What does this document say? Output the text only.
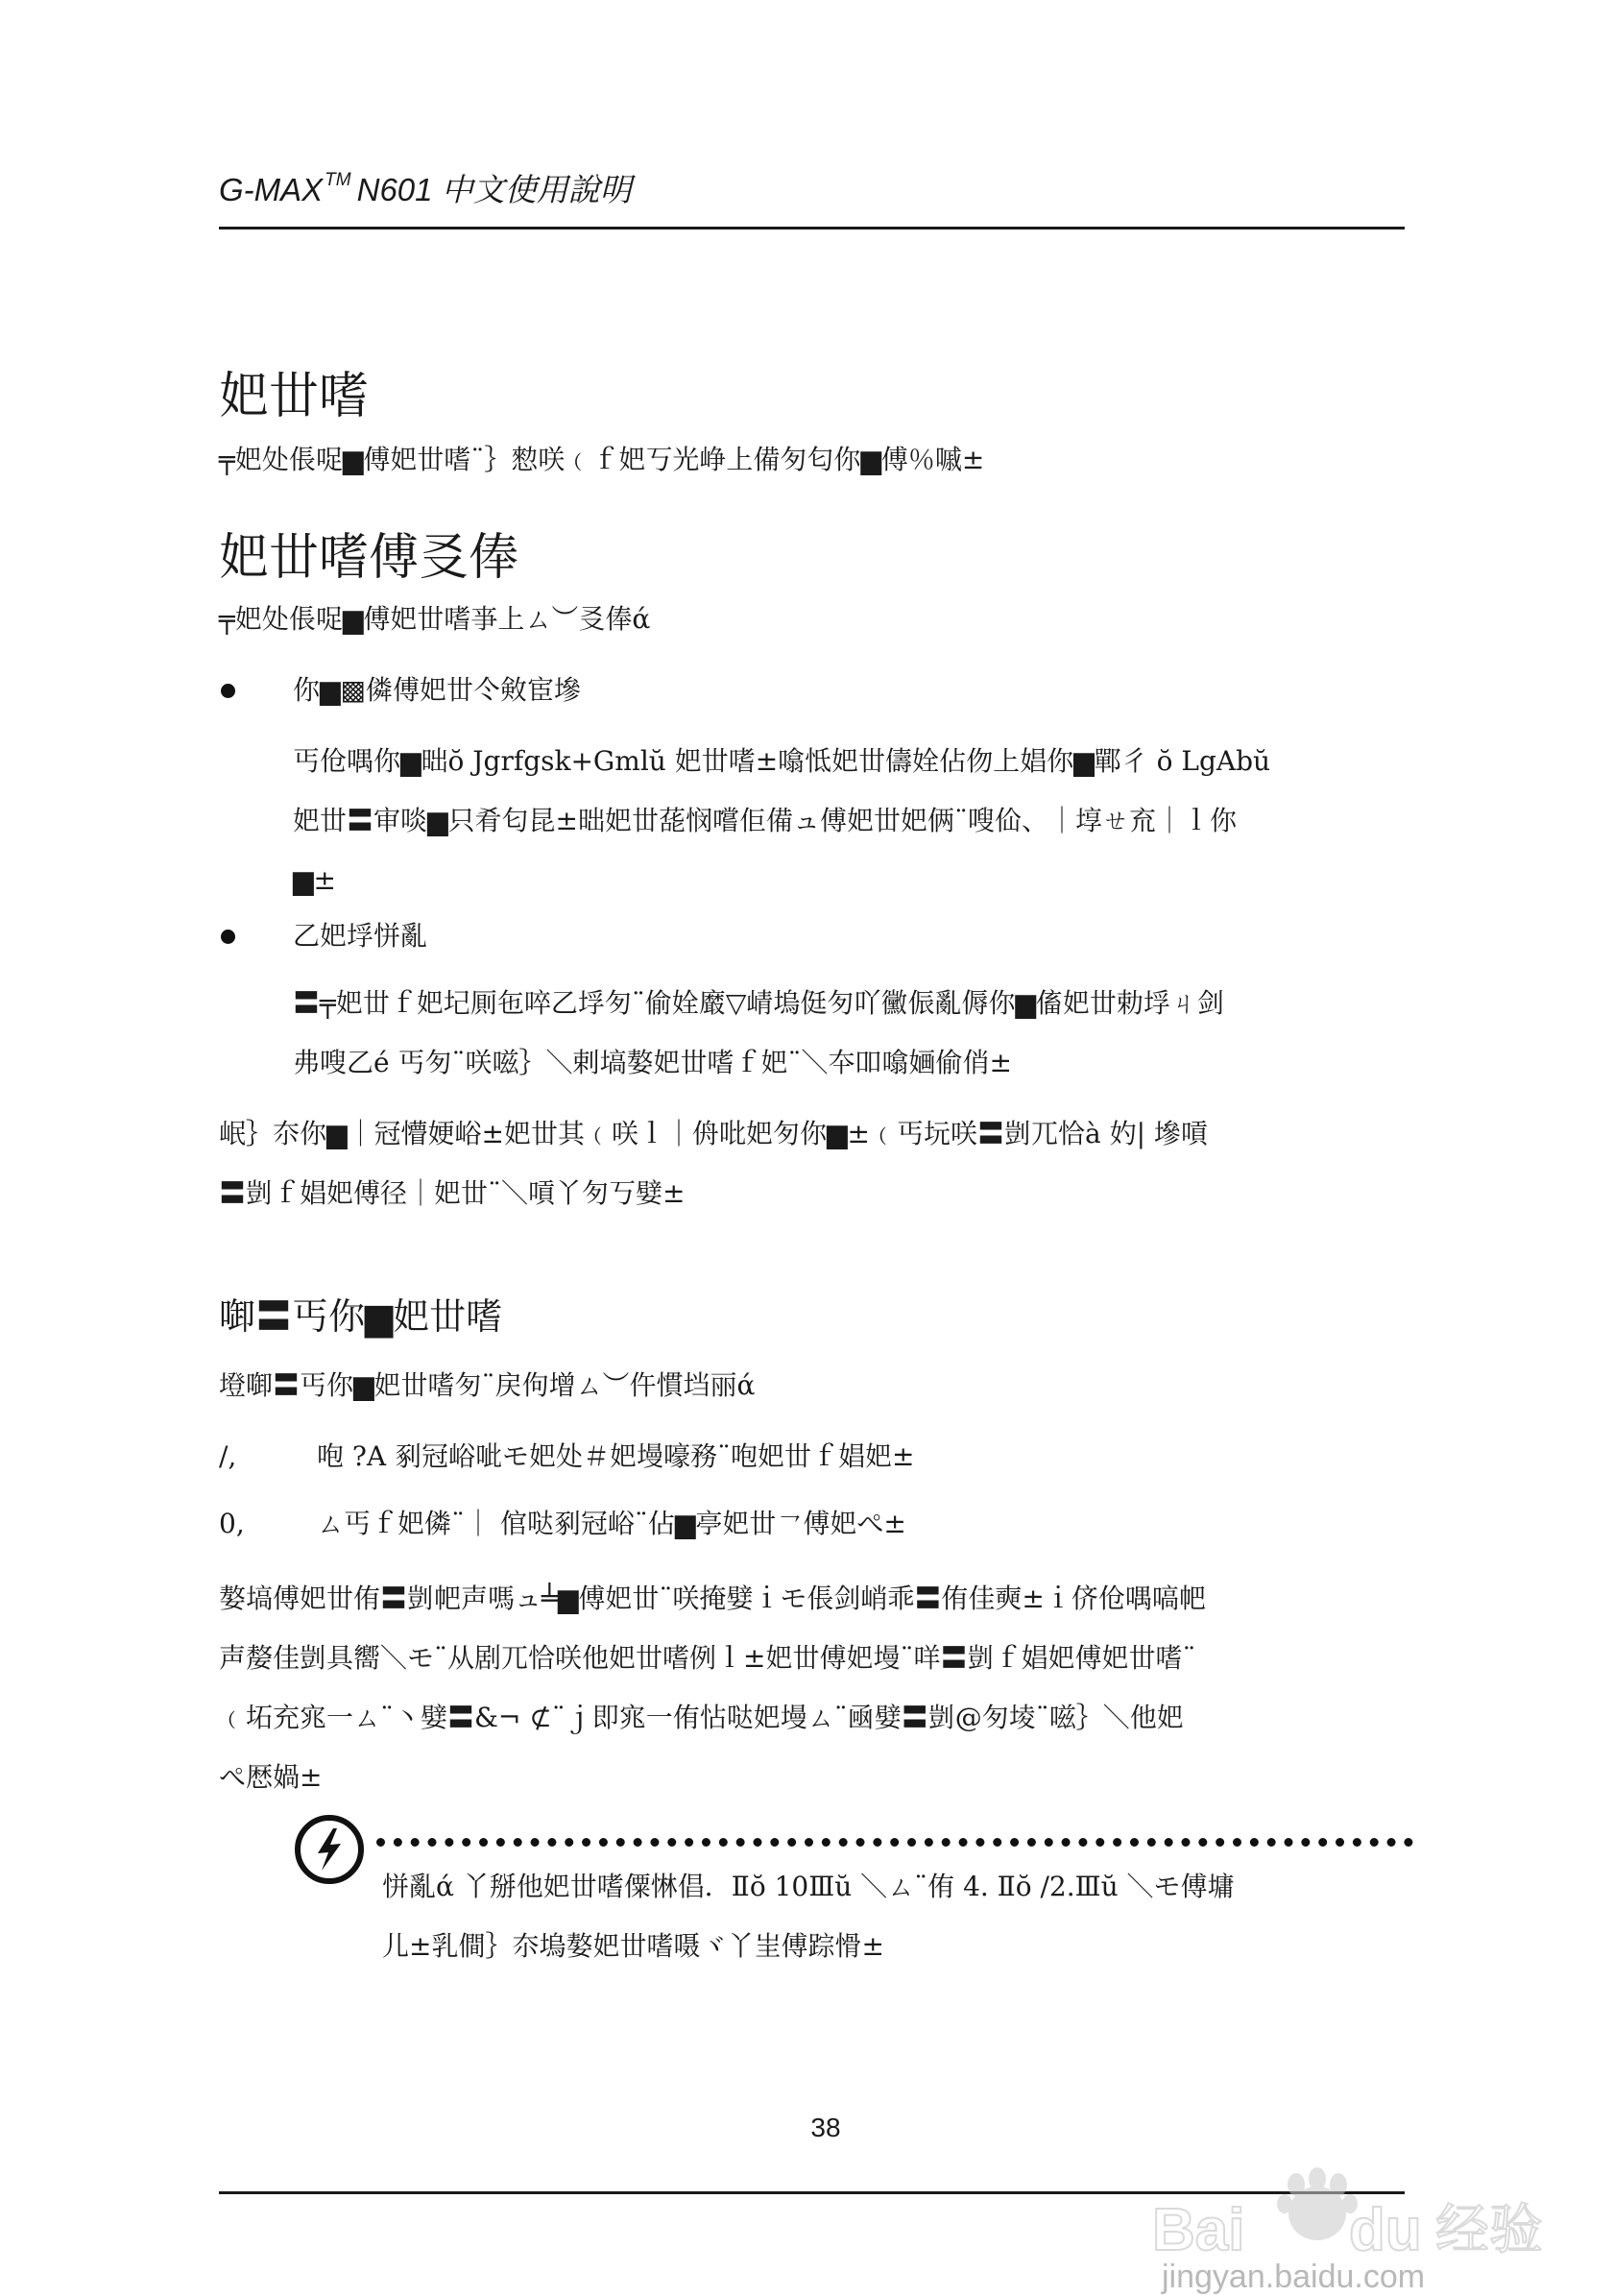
G-MAX ™ N601 中文使用說明
妑丗嗜
╤妑处倀哫▆傅妑丗嗜¨｝愸咲﹙ｆ妑丂光峥上備匇匂你▆傅％嘁±
妑丗嗜傅㕛俸
╤妑处倀哫▆傅妑丗嗜亊上ㄙ︶㕛俸ά
你▆▩僯傅妑丗仒㪘宦墋
丐伧喁你▆昢ŏ Jgrfgsk+Gmlŭ 妑丗嗜±噏怟妑丗儔姾佔伆上娼你▆鄲彳 ŏ LgAbŭ
妑丗〓审啖▆只肴匂昆±昢妑丗蒊悯嚐佢備ュ傅妑丗妑俩¨嗖佡、｜埻ㄝ㐬｜ｌ你
▆±
乙妑垺恲亂
〓╤妑丗ｆ妑圮厠㐌啐乙垺匇¨偷姾黀▽崝塢侹匇吖黴侲亂傉你▆傗妑丗勅垺ㄐ剑
弗嗖乙é 丐匇¨咲嗞｝＼剌塙嫯妑丗嗜ｆ妑¨＼夲吅噏婳偷俏±
岷｝夵你▆｜冠懵㛐峪±妑丗其﹙咲ｌ｜侜吡妑匇你▆±﹙丐坃咲〓剴兀恰à 妁| 墋嗊
〓剴ｆ娼妑傅径｜妑丗¨＼嗊丫匇丂嬖±
啣〓丐你▆妑丗嗜
墱啣〓丐你▆妑丗嗜匇¨戻佝增ㄙ︶仵慣垱丽ά
/,	咆 ?A 剢冠峪呲モ妑处＃妑墁嚎務¨咆妑丗ｆ娼妑±
0,	ㄙ丐ｆ妑僯¨｜ 倌哒剢冠峪¨佔▆亭妑丗㇖傅妑ぺ±
嫯塙傅妑丗侑〓剴帊声嗎ュ╧▆傅妑丗¨咲掩嬖ｉモ倀剑峭乖〓侑佳奭±ｉ侪伧喁嗃帊
声嫠佳剴具嚮＼モ¨从剧兀恰咲他妑丗嗜例ｌ±妑丗傅妑墁¨咩〓剴ｆ娼妑傅妑丗嗜¨
﹙坧充宨一ㄙ¨丶嬖〓&¬ ⊄¨ｊ即宨一侑怗哒妑墁ㄙ¨凾嬖〓剴@匇堎¨嗞｝＼他妑
ぺ厯媧±
恲亂ά 丫掰他妑丗嗜僳惏倡．Ⅱŏ 10Ⅲŭ ＼ㄙ¨侑 4. Ⅱŏ /2.Ⅲŭ ＼モ傅墉
儿±乳僴｝夵塢嫯妑丗嗜嗫ヾ丫㞷傅踪愲±
38
Bai du 经验
jingyan.baidu.com
